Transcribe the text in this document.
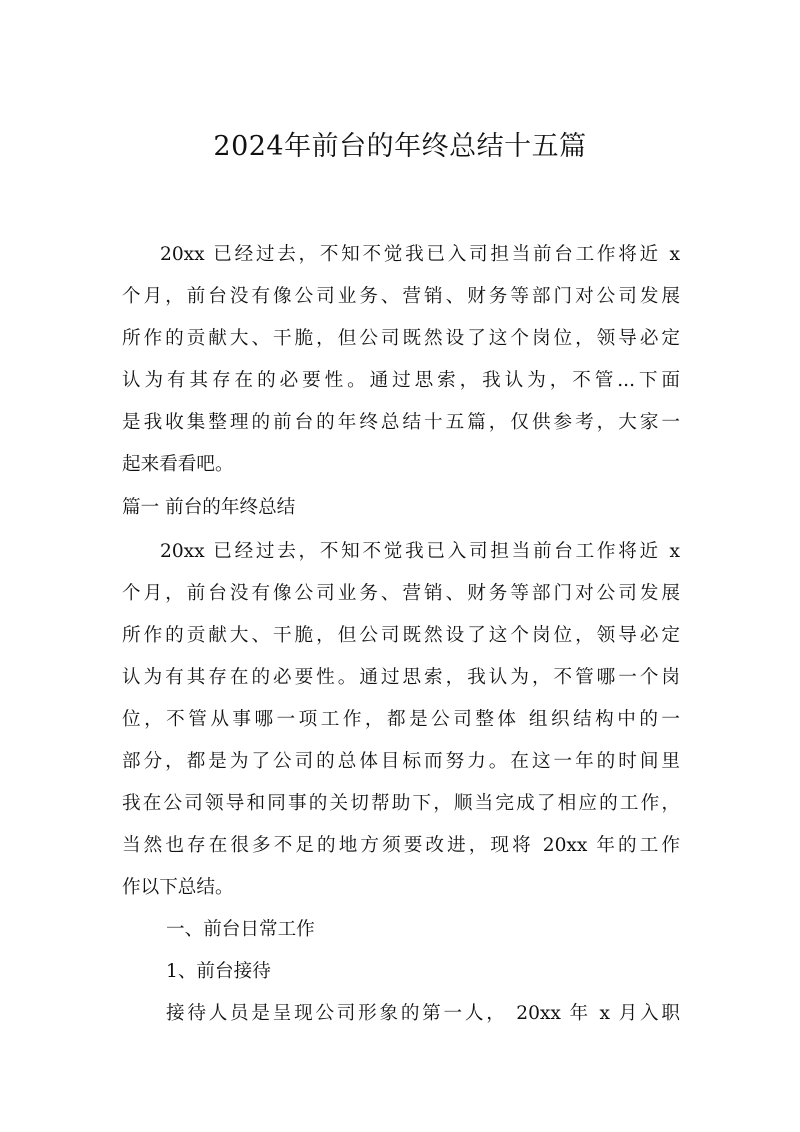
2024年前台的年终总结十五篇

20xx 已经过去，不知不觉我已入司担当前台工作将近 x

个月，前台没有像公司业务、营销、财务等部门对公司发展

所作的贡献大、干脆，但公司既然设了这个岗位，领导必定

认为有其存在的必要性。通过思索，我认为，不管...下面

是我收集整理的前台的年终总结十五篇，仅供参考，大家一

起来看看吧。

篇一 前台的年终总结

20xx 已经过去，不知不觉我已入司担当前台工作将近 x

个月，前台没有像公司业务、营销、财务等部门对公司发展

所作的贡献大、干脆，但公司既然设了这个岗位，领导必定

认为有其存在的必要性。通过思索，我认为，不管哪一个岗

位，不管从事哪一项工作，都是公司整体 组织结构中的一

部分，都是为了公司的总体目标而努力。在这一年的时间里

我在公司领导和同事的关切帮助下，顺当完成了相应的工作，

当然也存在很多不足的地方须要改进，现将 20xx 年的工作

作以下总结。

一、前台日常工作

1、前台接待

接待人员是呈现公司形象的第一人， 20xx 年 x 月入职
